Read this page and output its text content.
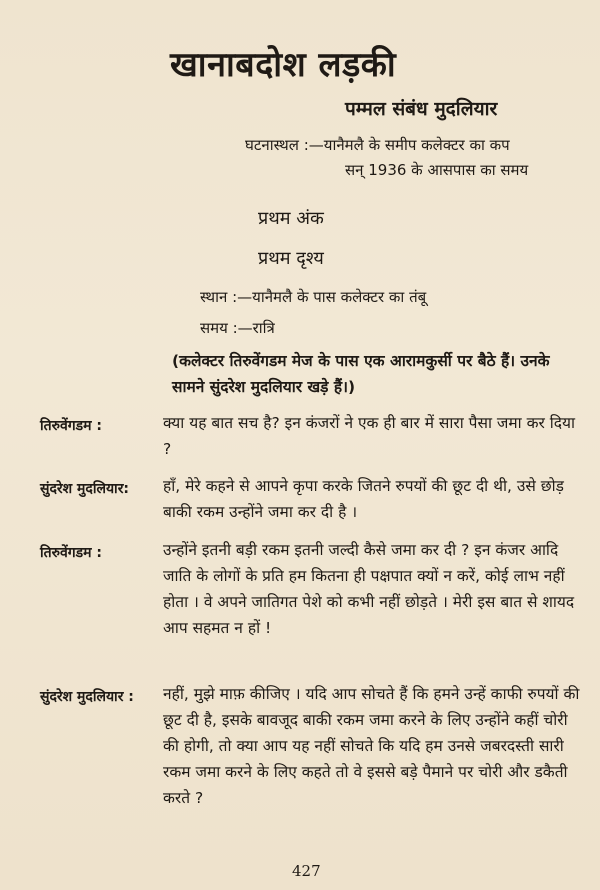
खानाबदोश लड़की
पम्मल संबंध मुदलियार
घटनास्थल :—यानैमलै के समीप कलेक्टर का कप
सन् 1936 के आसपास का समय
प्रथम अंक
प्रथम दृश्य
स्थान :—यानैमलै के पास कलेक्टर का तंबू
समय :—रात्रि
(कलेक्टर तिरुवेंगडम मेज के पास एक आरामकुर्सी पर बैठे हैं। उनके सामने सुंदरेश मुदलियार खड़े हैं।)
तिरुवेंगडम :	क्या यह बात सच है? इन कंजरों ने एक ही बार में सारा पैसा जमा कर दिया ?
सुंदरेश मुदलियार: हाँ, मेरे कहने से आपने कृपा करके जितने रुपयों की छूट दी थी, उसे छोड़ बाकी रकम उन्होंने जमा कर दी है ।
तिरुवेंगडम :	उन्होंने इतनी बड़ी रकम इतनी जल्दी कैसे जमा कर दी ? इन कंजर आदि जाति के लोगों के प्रति हम कितना ही पक्षपात क्यों न करें, कोई लाभ नहीं होता । वे अपने जातिगत पेशे को कभी नहीं छोड़ते । मेरी इस बात से शायद आप सहमत न हों !
सुंदरेश मुदलियार : नहीं, मुझे माफ़ कीजिए । यदि आप सोचते हैं कि हमने उन्हें काफी रुपयों की छूट दी है, इसके बावजूद बाकी रकम जमा करने के लिए उन्होंने कहीं चोरी की होगी, तो क्या आप यह नहीं सोचते कि यदि हम उनसे जबरदस्ती सारी रकम जमा करने के लिए कहते तो वे इससे बड़े पैमाने पर चोरी और डकैती करते ?
427
